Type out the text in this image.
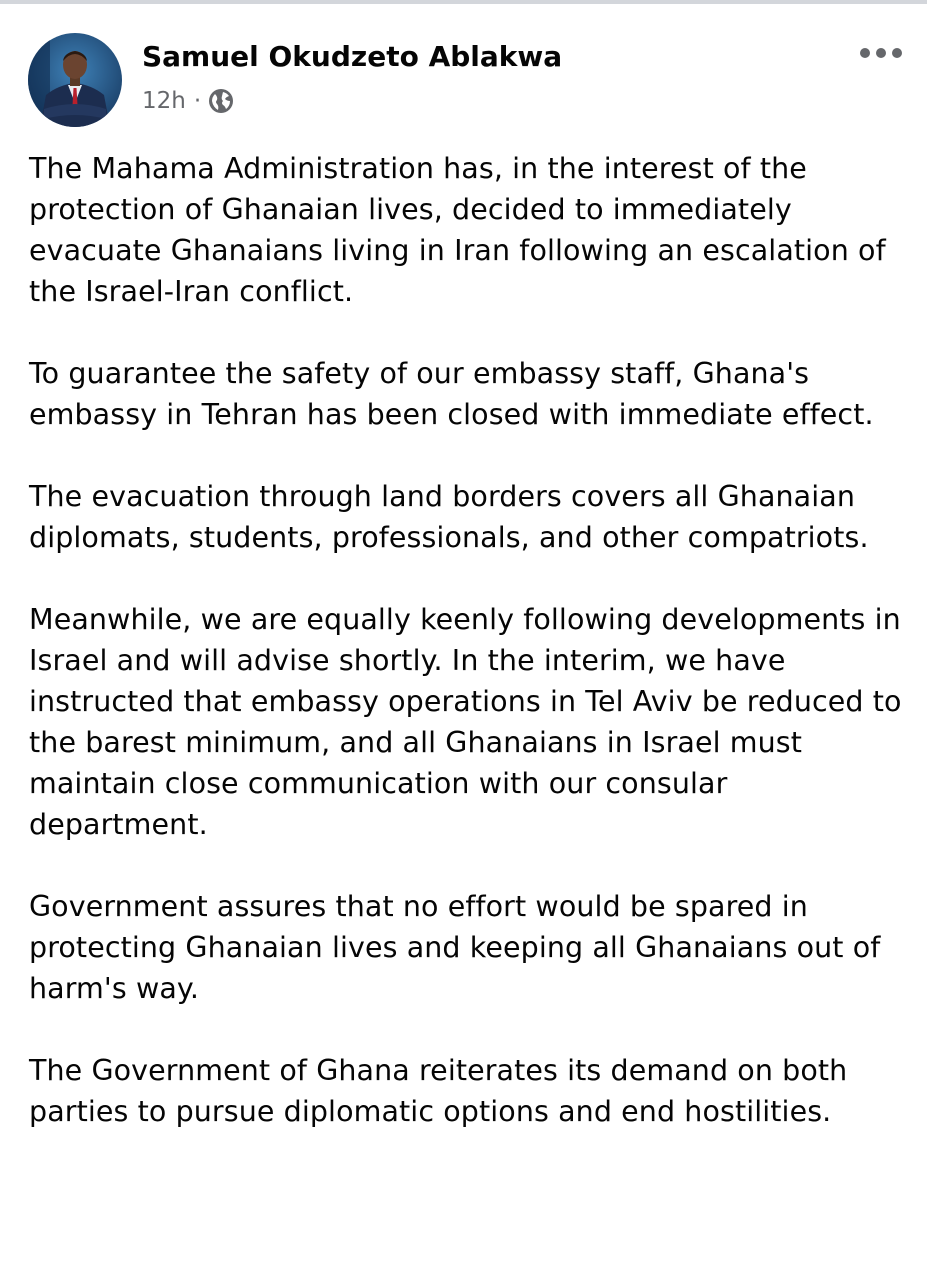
Samuel Okudzeto Ablakwa
12h ·

The Mahama Administration has, in the interest of the protection of Ghanaian lives, decided to immediately evacuate Ghanaians living in Iran following an escalation of the Israel-Iran conflict.

To guarantee the safety of our embassy staff, Ghana's embassy in Tehran has been closed with immediate effect.

The evacuation through land borders covers all Ghanaian diplomats, students, professionals, and other compatriots.

Meanwhile, we are equally keenly following developments in Israel and will advise shortly. In the interim, we have instructed that embassy operations in Tel Aviv be reduced to the barest minimum, and all Ghanaians in Israel must maintain close communication with our consular department.

Government assures that no effort would be spared in protecting Ghanaian lives and keeping all Ghanaians out of harm's way.

The Government of Ghana reiterates its demand on both parties to pursue diplomatic options and end hostilities.
